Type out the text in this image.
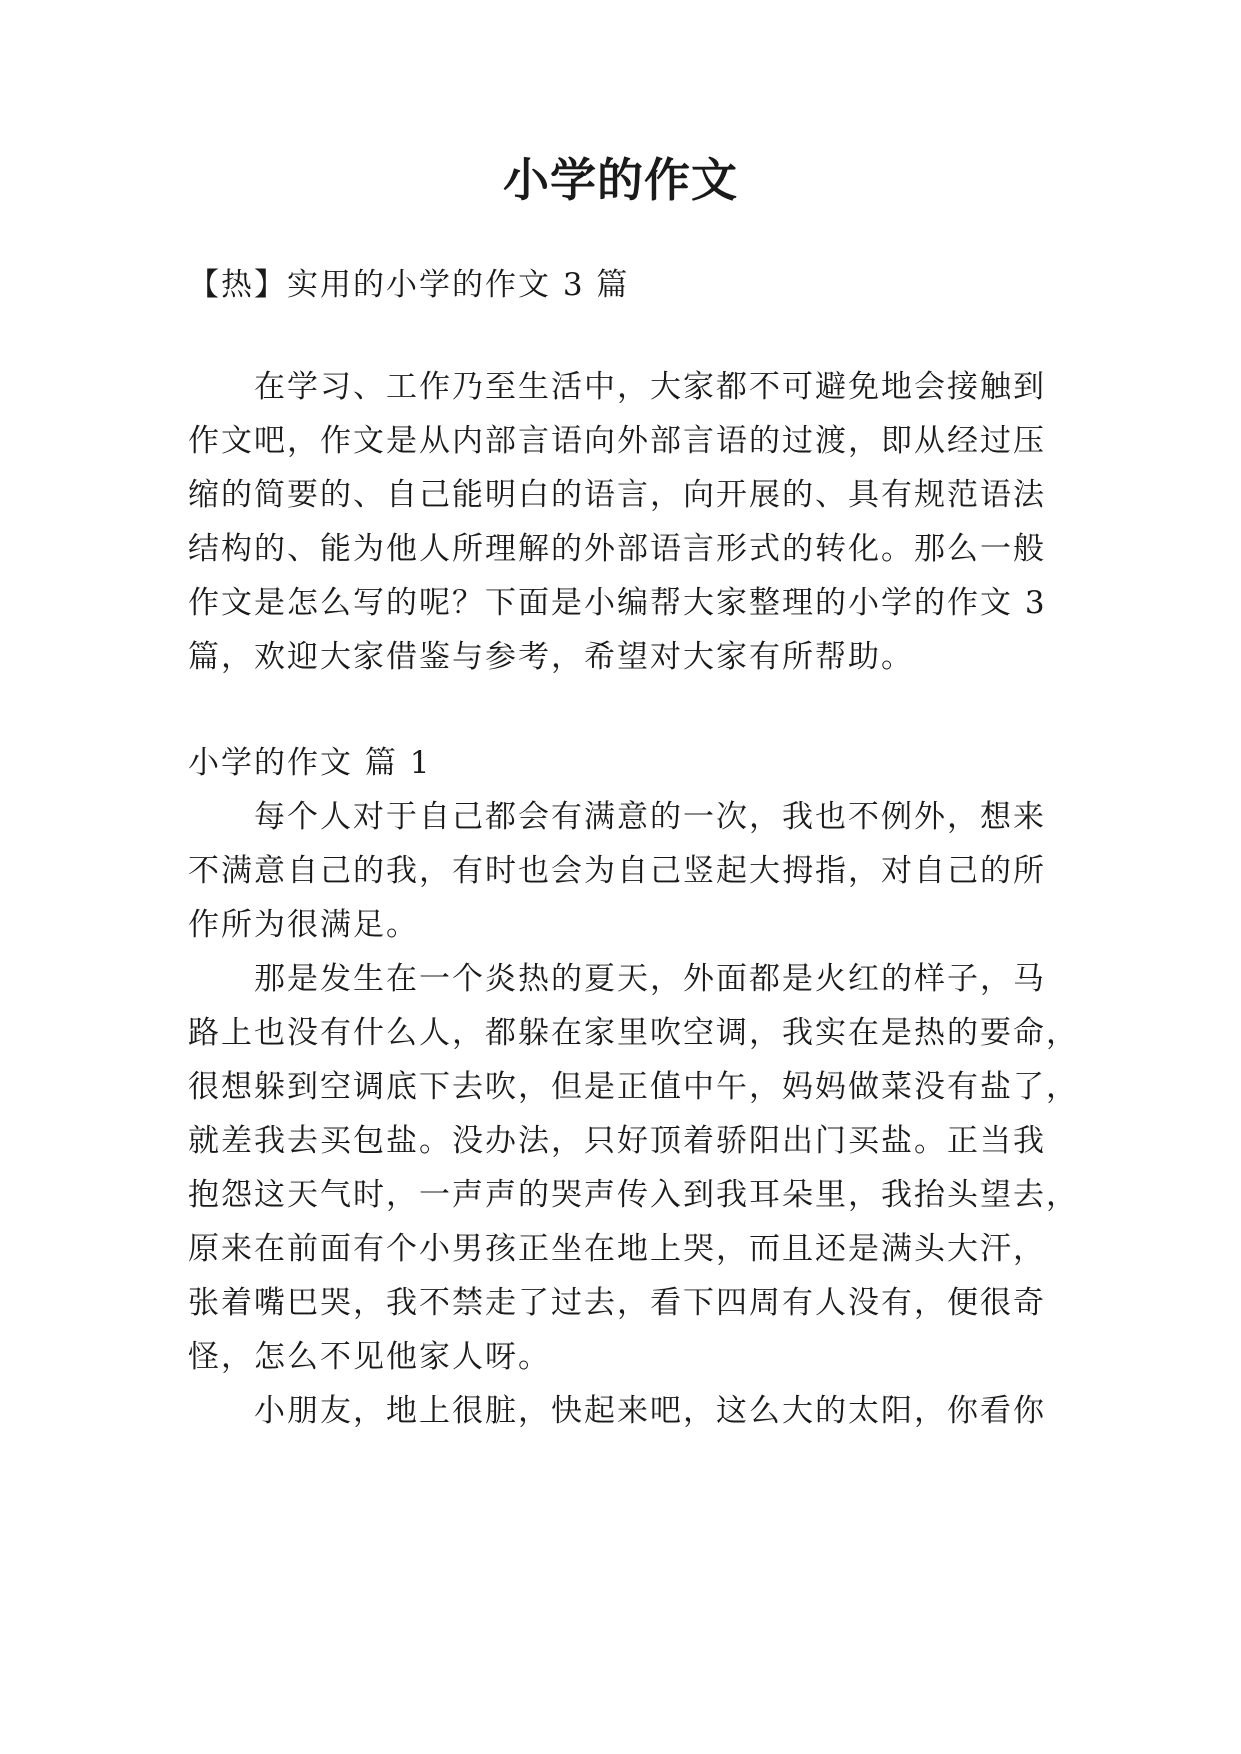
小学的作文
【热】实用的小学的作文 3 篇
在学习、工作乃至生活中，大家都不可避免地会接触到
作文吧，作文是从内部言语向外部言语的过渡，即从经过压
缩的简要的、自己能明白的语言，向开展的、具有规范语法
结构的、能为他人所理解的外部语言形式的转化。那么一般
作文是怎么写的呢？下面是小编帮大家整理的小学的作文 3
篇，欢迎大家借鉴与参考，希望对大家有所帮助。
小学的作文 篇 1
每个人对于自己都会有满意的一次，我也不例外，想来
不满意自己的我，有时也会为自己竖起大拇指，对自己的所
作所为很满足。
那是发生在一个炎热的夏天，外面都是火红的样子，马
路上也没有什么人，都躲在家里吹空调，我实在是热的要命，
很想躲到空调底下去吹，但是正值中午，妈妈做菜没有盐了，
就差我去买包盐。没办法，只好顶着骄阳出门买盐。正当我
抱怨这天气时，一声声的哭声传入到我耳朵里，我抬头望去，
原来在前面有个小男孩正坐在地上哭，而且还是满头大汗，
张着嘴巴哭，我不禁走了过去，看下四周有人没有，便很奇
怪，怎么不见他家人呀。
小朋友，地上很脏，快起来吧，这么大的太阳，你看你
